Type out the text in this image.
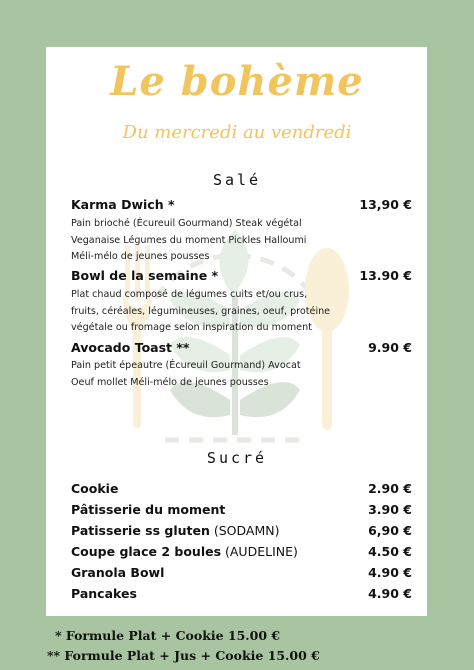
Le bohème
Du mercredi au vendredi
Salé
Karma Dwich *	13,90 €
Pain brioché (Écureuil Gourmand) Steak végétal
Veganaise Légumes du moment Pickles Halloumi
Méli-mélo de jeunes pousses
Bowl de la semaine *	13.90 €
Plat chaud composé de légumes cuits et/ou crus,
fruits, céréales, légumineuses, graines, oeuf, protéine
végétale ou fromage selon inspiration du moment
Avocado Toast **	9.90 €
Pain petit épeautre (Écureuil Gourmand) Avocat
Oeuf mollet Méli-mélo de jeunes pousses
Sucré
Cookie	2.90 €
Pâtisserie du moment	3.90 €
Patisserie ss gluten (SODAMN)	6,90 €
Coupe glace 2 boules (AUDELINE)	4.50 €
Granola Bowl	4.90 €
Pancakes	4.90 €
* Formule Plat + Cookie 15.00 €
** Formule Plat + Jus + Cookie 15.00 €
